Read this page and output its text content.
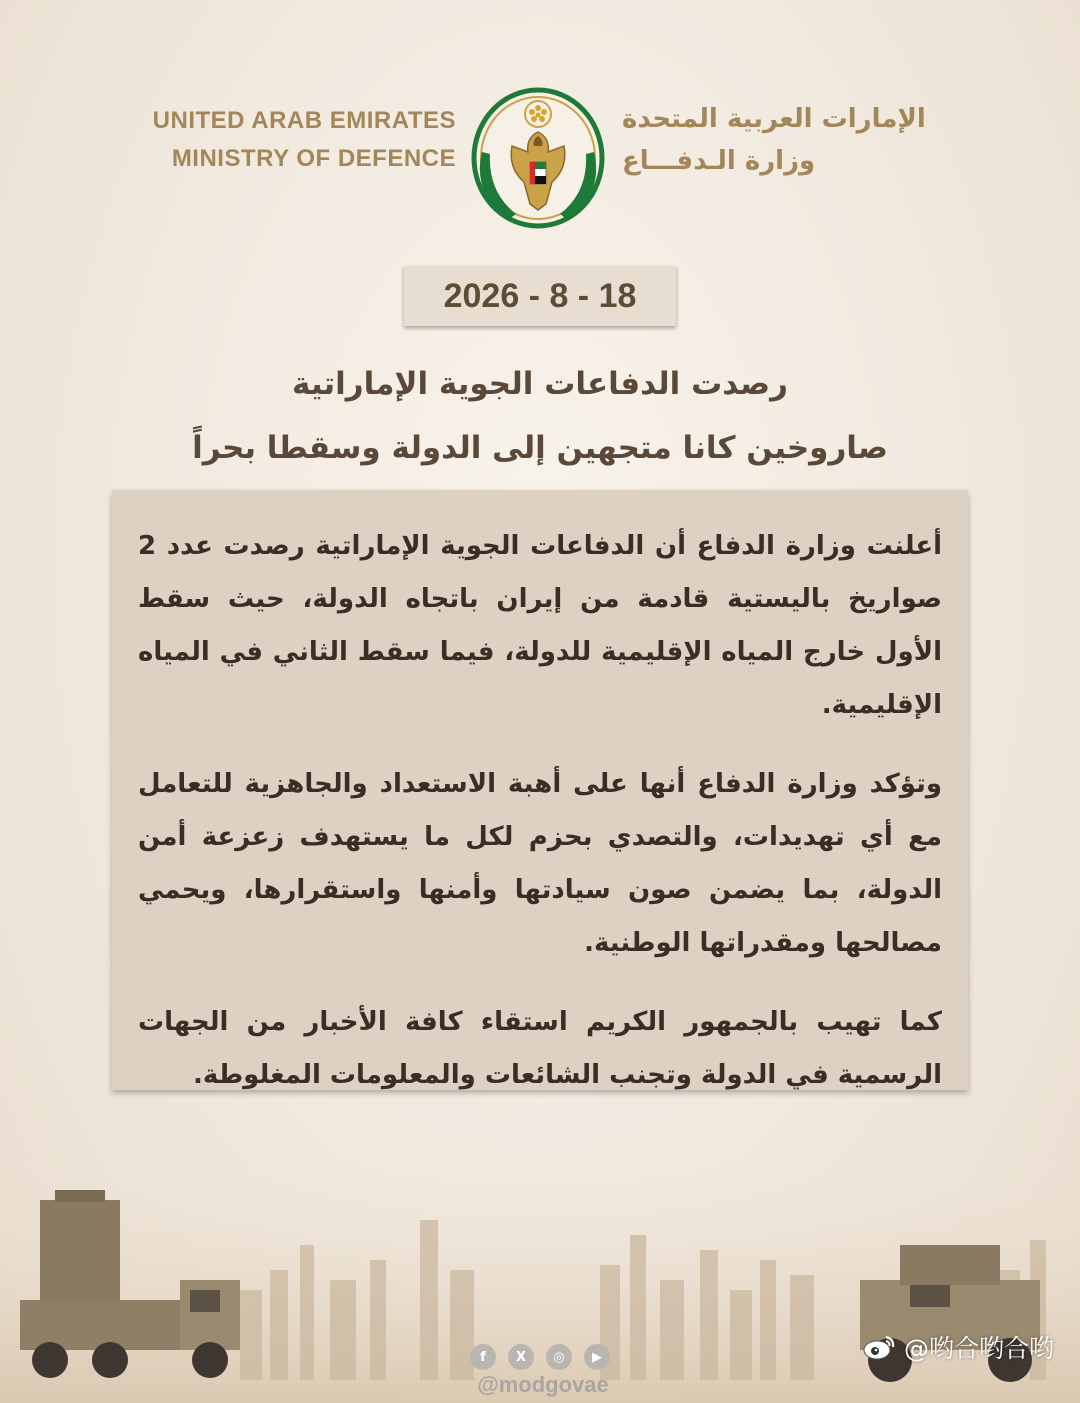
UNITED ARAB EMIRATES
MINISTRY OF DEFENCE
الإمارات العربية المتحدة
وزارة الـدفـــاع
2026 - 8 - 18
رصدت الدفاعات الجوية الإماراتية
صاروخين كانا متجهين إلى الدولة وسقطا بحراً

أعلنت وزارة الدفاع أن الدفاعات الجوية الإماراتية رصدت عدد 2 صواريخ باليستية قادمة من إيران باتجاه الدولة، حيث سقط الأول خارج المياه الإقليمية للدولة، فيما سقط الثاني في المياه الإقليمية.

وتؤكد وزارة الدفاع أنها على أهبة الاستعداد والجاهزية للتعامل مع أي تهديدات، والتصدي بحزم لكل ما يستهدف زعزعة أمن الدولة، بما يضمن صون سيادتها وأمنها واستقرارها، ويحمي مصالحها ومقدراتها الوطنية.

كما تهيب بالجمهور الكريم استقاء كافة الأخبار من الجهات الرسمية في الدولة وتجنب الشائعات والمعلومات المغلوطة.

f	X	◎	▶
@modgovae
@哟合哟合哟
